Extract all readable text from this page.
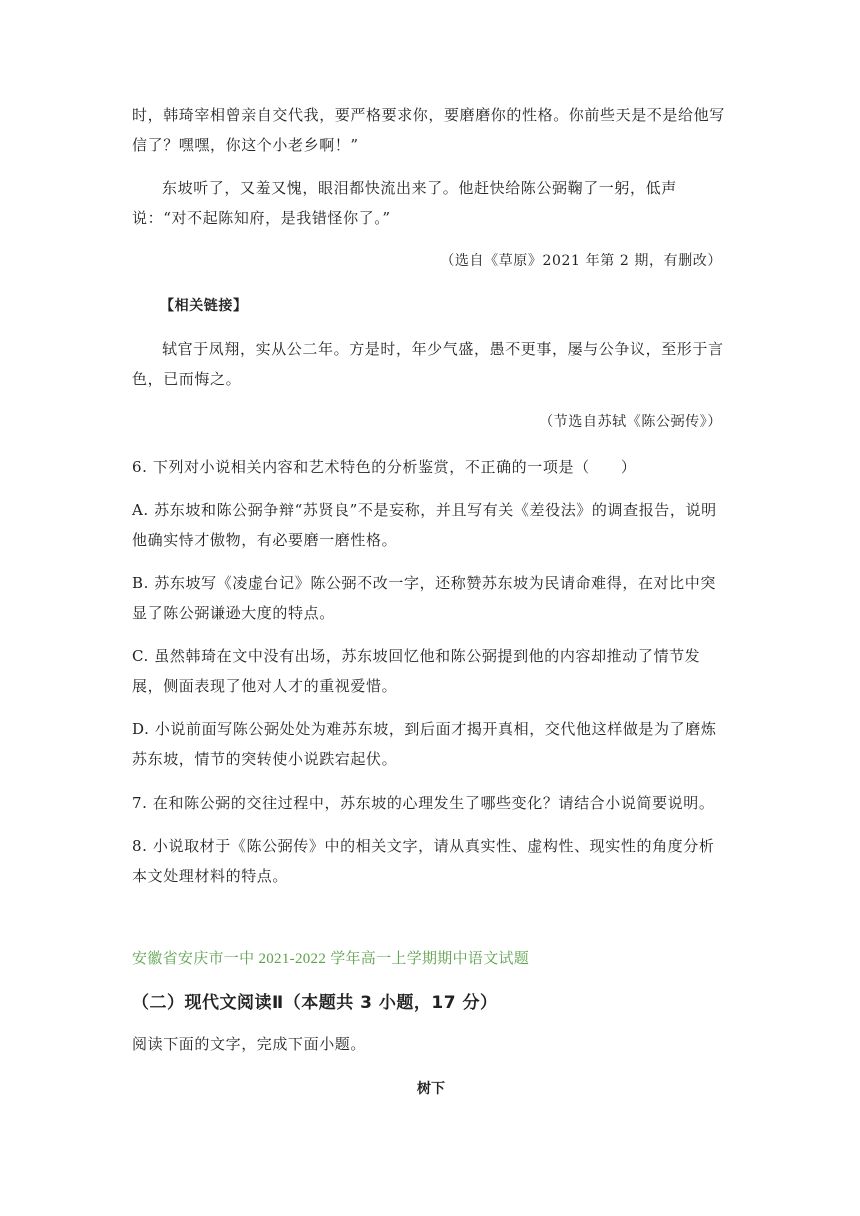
时，韩琦宰相曾亲自交代我，要严格要求你，要磨磨你的性格。你前些天是不是给他写信了？嘿嘿，你这个小老乡啊！”

东坡听了，又羞又愧，眼泪都快流出来了。他赶快给陈公弼鞠了一躬，低声说：“对不起陈知府，是我错怪你了。”

（选自《草原》2021 年第 2 期，有删改）

【相关链接】

轼官于凤翔，实从公二年。方是时，年少气盛，愚不更事，屡与公争议，至形于言色，已而悔之。

（节选自苏轼《陈公弼传》）

6. 下列对小说相关内容和艺术特色的分析鉴赏，不正确的一项是（　　）

A. 苏东坡和陈公弼争辩“苏贤良”不是妄称，并且写有关《差役法》的调查报告，说明他确实恃才傲物，有必要磨一磨性格。

B. 苏东坡写《凌虚台记》陈公弼不改一字，还称赞苏东坡为民请命难得，在对比中突显了陈公弼谦逊大度的特点。

C. 虽然韩琦在文中没有出场，苏东坡回忆他和陈公弼提到他的内容却推动了情节发展，侧面表现了他对人才的重视爱惜。

D. 小说前面写陈公弼处处为难苏东坡，到后面才揭开真相，交代他这样做是为了磨炼苏东坡，情节的突转使小说跌宕起伏。

7. 在和陈公弼的交往过程中，苏东坡的心理发生了哪些变化？请结合小说简要说明。

8. 小说取材于《陈公弼传》中的相关文字，请从真实性、虚构性、现实性的角度分析本文处理材料的特点。

安徽省安庆市一中 2021-2022 学年高一上学期期中语文试题
（二）现代文阅读Ⅱ（本题共 3 小题，17 分）
阅读下面的文字，完成下面小题。
树下
